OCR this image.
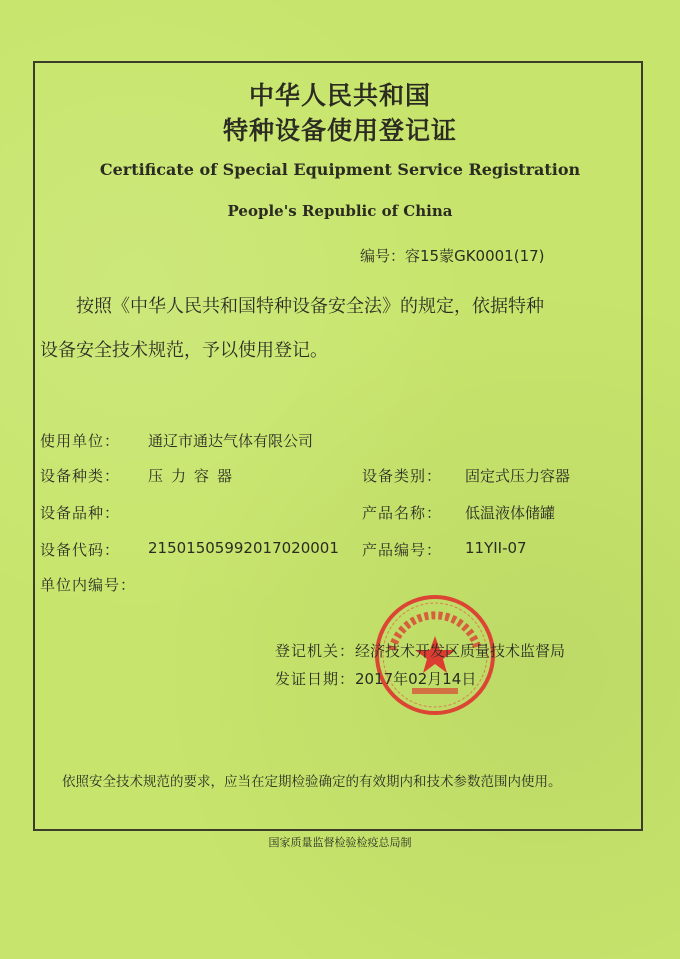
中华人民共和国
特种设备使用登记证
Certificate of Special Equipment Service Registration
People's Republic of China
编号：容15蒙GK0001(17)
按照《中华人民共和国特种设备安全法》的规定，依据特种
设备安全技术规范，予以使用登记。
使用单位： 通辽市通达气体有限公司
设备种类： 压力容器	设备类别： 固定式压力容器
设备品种：	产品名称： 低温液体储罐
设备代码： 21501505992017020001 产品编号： 11YII-07
单位内编号：
登记机关： 经济技术开发区质量技术监督局
发证日期： 2017年02月14日
依照安全技术规范的要求，应当在定期检验确定的有效期内和技术参数范围内使用。
国家质量监督检验检疫总局制
